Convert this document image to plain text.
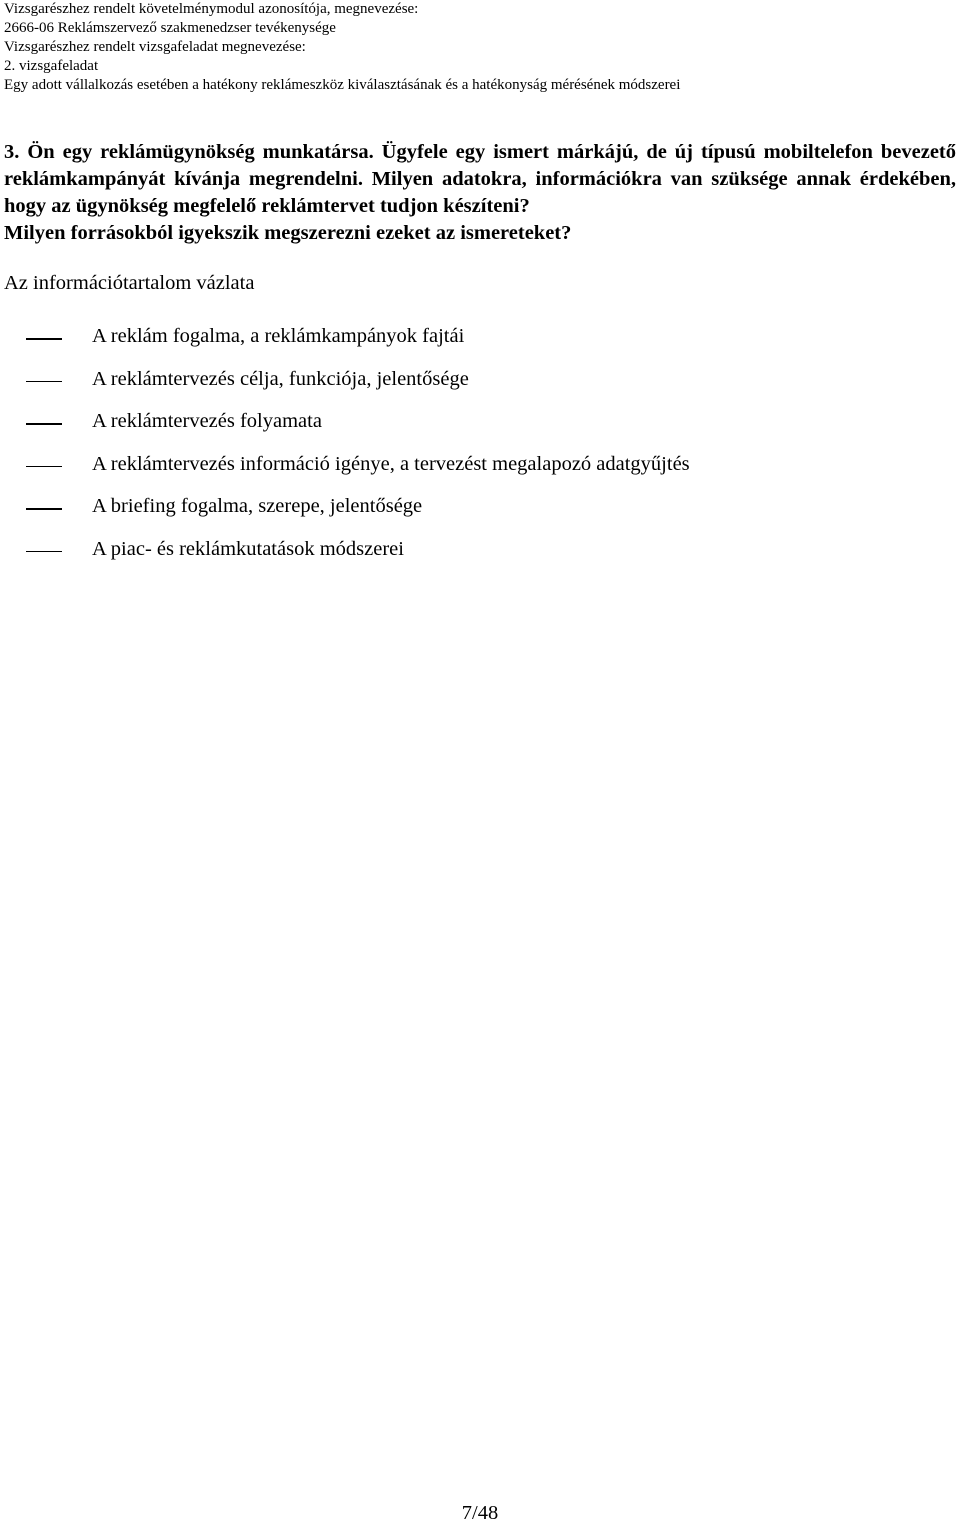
Vizsgarészhez rendelt követelménymodul azonosítója, megnevezése:
2666-06 Reklámszervező szakmenedzser tevékenysége
Vizsgarészhez rendelt vizsgafeladat megnevezése:
2. vizsgafeladat
Egy adott vállalkozás esetében a hatékony reklámeszköz kiválasztásának és a hatékonyság mérésének módszerei
3. Ön egy reklámügynökség munkatársa. Ügyfele egy ismert márkájú, de új típusú mobiltelefon bevezető reklámkampányát kívánja megrendelni. Milyen adatokra, információkra van szüksége annak érdekében, hogy az ügynökség megfelelő reklámtervet tudjon készíteni?
Milyen forrásokból igyekszik megszerezni ezeket az ismereteket?
Az információtartalom vázlata
A reklám fogalma, a reklámkampányok fajtái
A reklámtervezés célja, funkciója, jelentősége
A reklámtervezés folyamata
A reklámtervezés információ igénye, a tervezést megalapozó adatgyűjtés
A briefing fogalma, szerepe, jelentősége
A piac- és reklámkutatások módszerei
7/48
